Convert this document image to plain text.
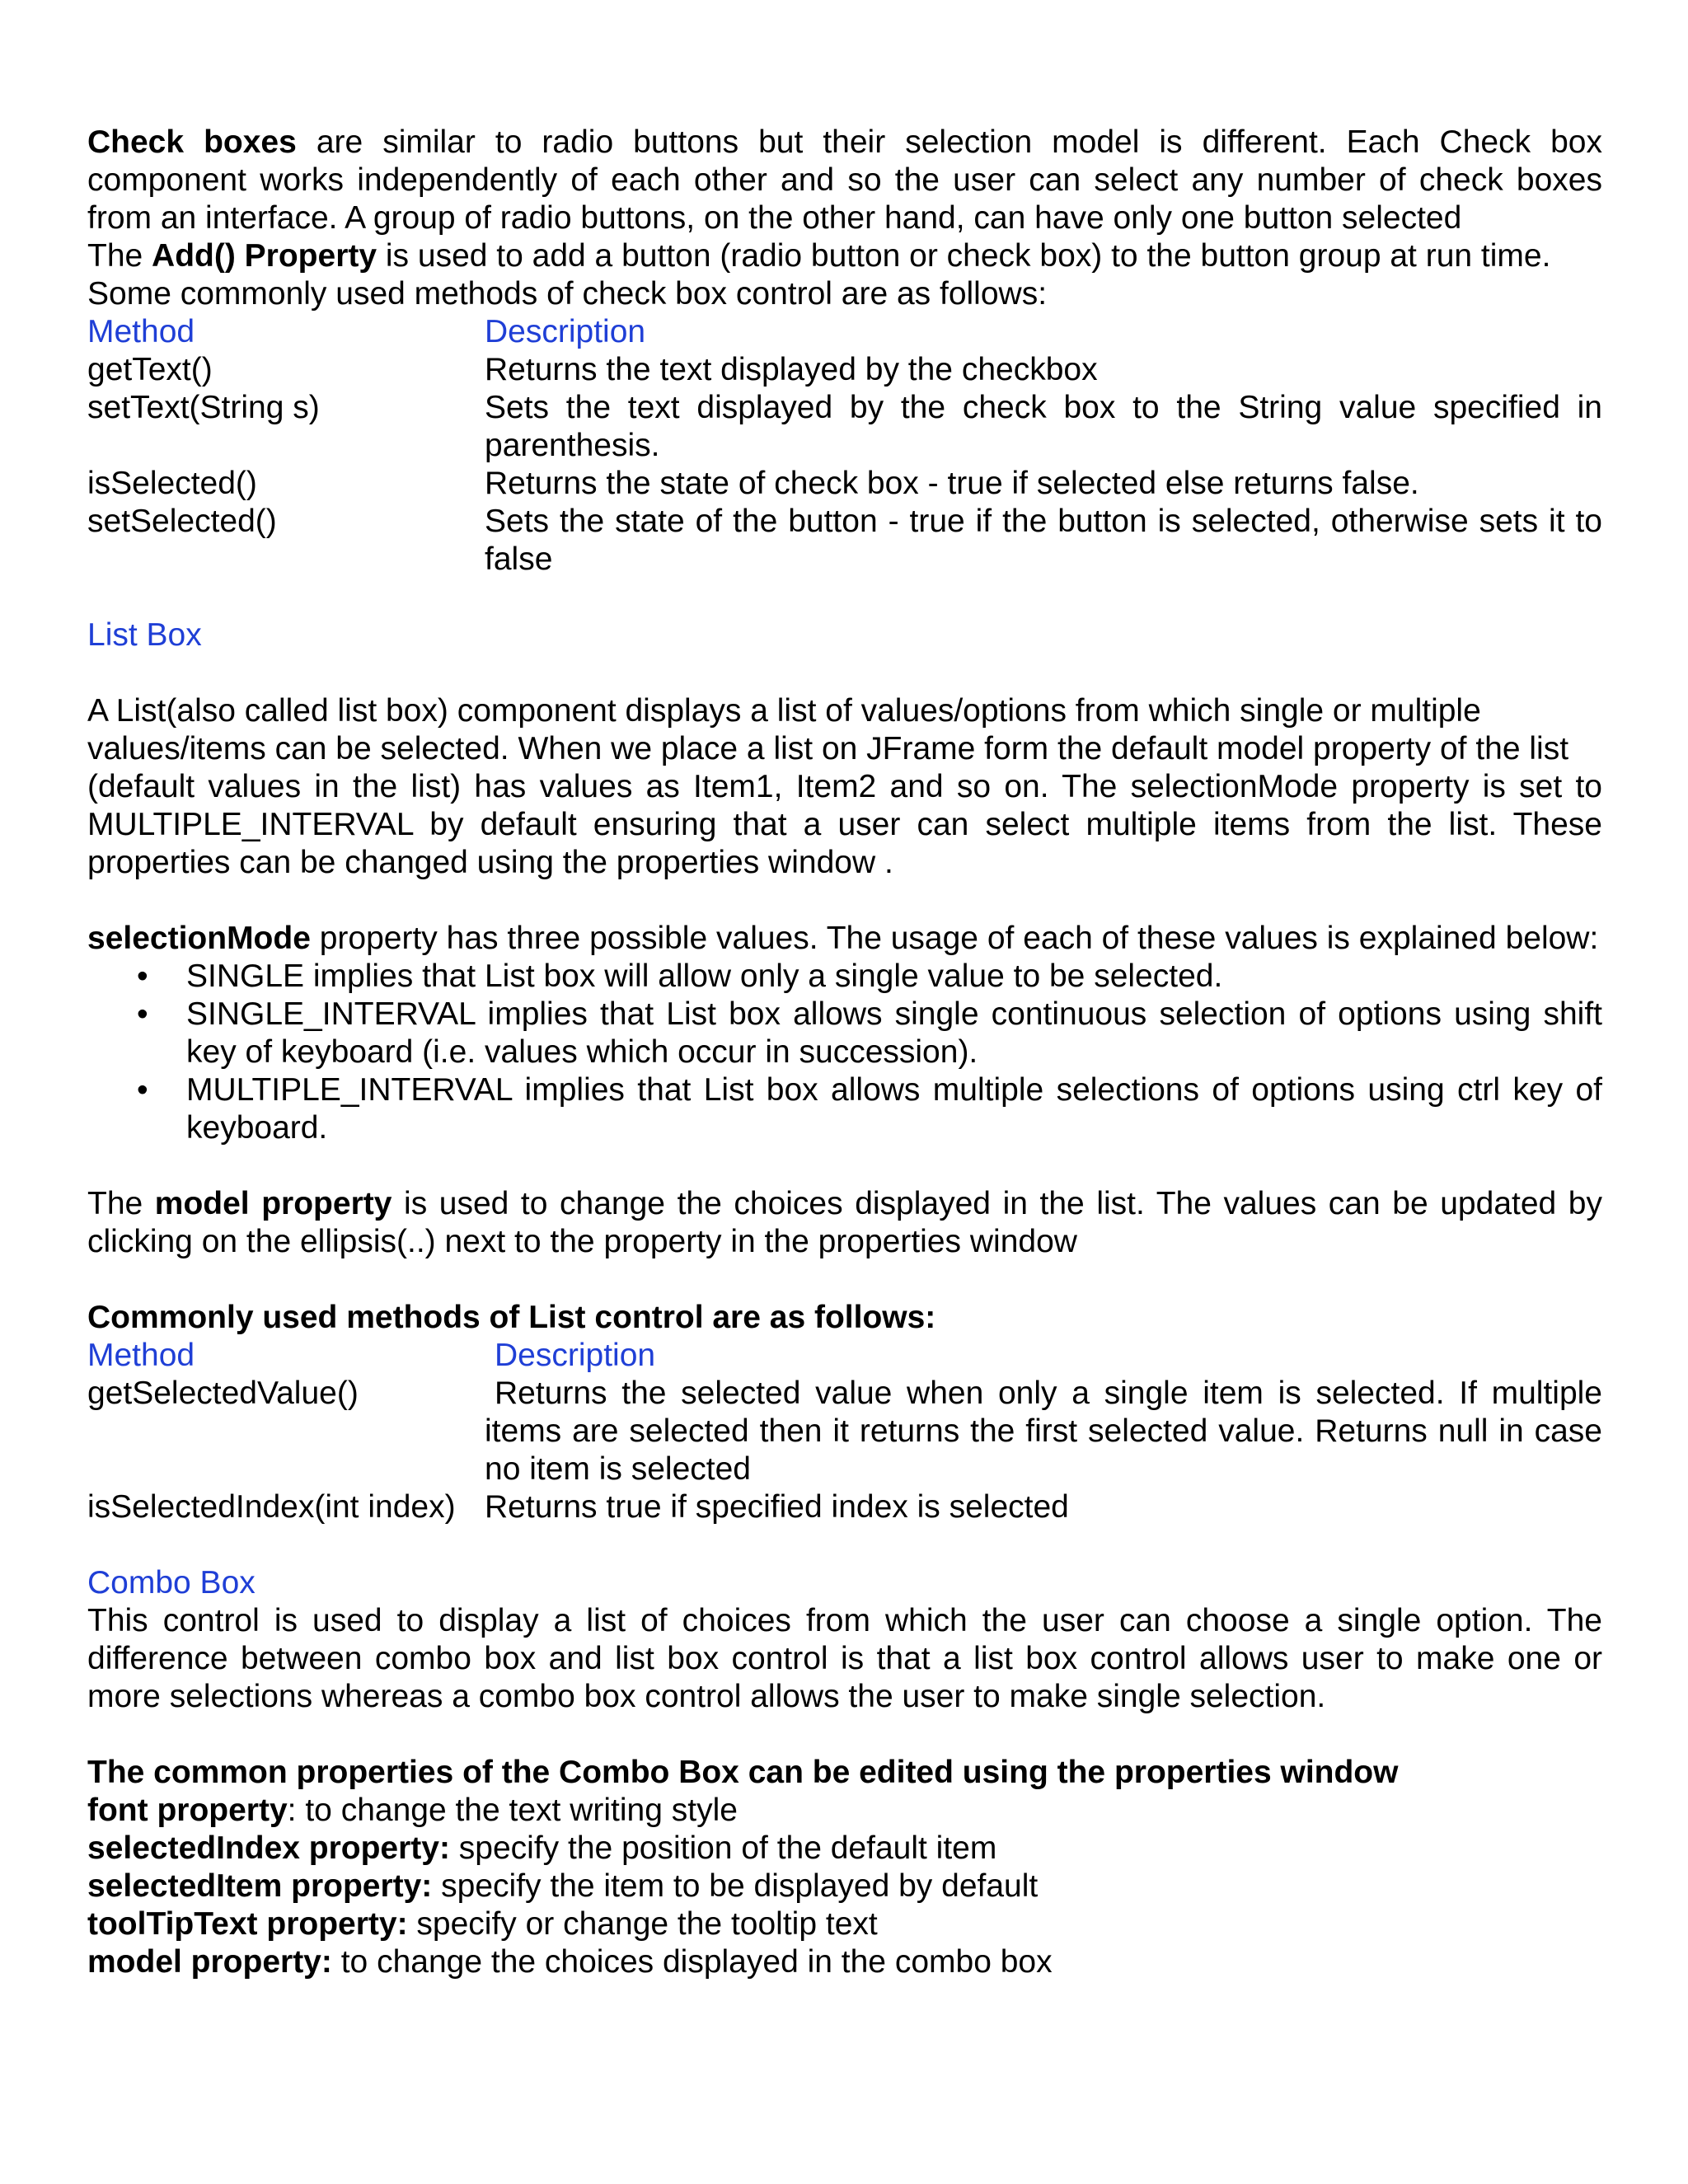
Check boxes are similar to radio buttons but their selection model is different. Each Check box component works independently of each other and so the user can select any number of check boxes from an interface. A group of radio buttons, on the other hand, can have only one button selected

The Add() Property is used to add a button (radio button or check box) to the button group at run time.

Some commonly used methods of check box control are as follows:

Method	Description
getText()	Returns the text displayed by the checkbox
setText(String s)	Sets the text displayed by the check box to the String value specified in parenthesis.
isSelected()	Returns the state of check box - true if selected else returns false.
setSelected()	Sets the state of the button - true if the button is selected, otherwise sets it to false

List Box

A List(also called list box) component displays a list of values/options from which single or multiple values/items can be selected. When we place a list on JFrame form the default model property of the list

(default values in the list) has values as Item1, Item2 and so on. The selectionMode property is set to MULTIPLE_INTERVAL by default ensuring that a user can select multiple items from the list. These properties can be changed using the properties window .

selectionMode property has three possible values. The usage of each of these values is explained below:

• SINGLE implies that List box will allow only a single value to be selected.
• SINGLE_INTERVAL implies that List box allows single continuous selection of options using shift key of keyboard (i.e. values which occur in succession).
• MULTIPLE_INTERVAL implies that List box allows multiple selections of options using ctrl key of keyboard.

The model property is used to change the choices displayed in the list. The values can be updated by clicking on the ellipsis(..) next to the property in the properties window

Commonly used methods of List control are as follows:

Method	Description
getSelectedValue()	Returns the selected value when only a single item is selected. If multiple items are selected then it returns the first selected value. Returns null in case no item is selected
isSelectedIndex(int index) Returns true if specified index is selected

Combo Box

This control is used to display a list of choices from which the user can choose a single option. The difference between combo box and list box control is that a list box control allows user to make one or more selections whereas a combo box control allows the user to make single selection.

The common properties of the Combo Box can be edited using the properties window

font property: to change the text writing style

selectedIndex property: specify the position of the default item

selectedItem property: specify the item to be displayed by default

toolTipText property: specify or change the tooltip text

model property: to change the choices displayed in the combo box
